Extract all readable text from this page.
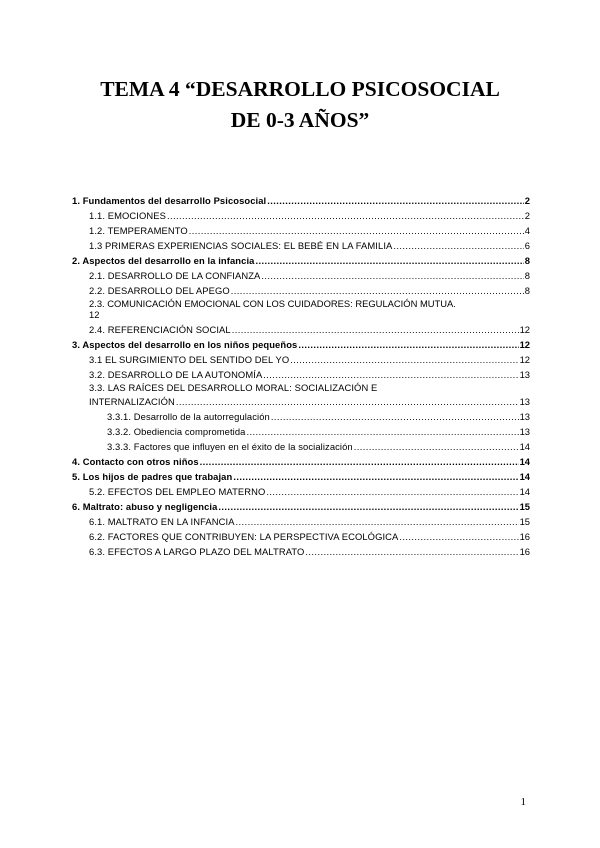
TEMA 4 “DESARROLLO PSICOSOCIAL
DE 0-3 AÑOS”
1. Fundamentos del desarrollo Psicosocial .....	2
1.1. EMOCIONES .....	2
1.2. TEMPERAMENTO .....	4
1.3 PRIMERAS EXPERIENCIAS SOCIALES: EL BEBÉ EN LA FAMILIA .....	6
2. Aspectos del desarrollo en la infancia .....	8
2.1. DESARROLLO DE LA CONFIANZA .....	8
2.2. DESARROLLO DEL APEGO .....	8
2.3. COMUNICACIÓN EMOCIONAL CON LOS CUIDADORES: REGULACIÓN MUTUA.
12
2.4. REFERENCIACIÓN SOCIAL .....	12
3. Aspectos del desarrollo en los niños pequeños .....	12
3.1 EL SURGIMIENTO DEL SENTIDO DEL YO .....	12
3.2. DESARROLLO DE LA AUTONOMÍA .....	13
3.3. LAS RAÍCES DEL DESARROLLO MORAL: SOCIALIZACIÓN E
INTERNALIZACIÓN .....	13
3.3.1. Desarrollo de la autorregulación .....	13
3.3.2. Obediencia comprometida .....	13
3.3.3. Factores que influyen en el éxito de la socialización .....	14
4. Contacto con otros niños .....	14
5. Los hijos de padres que trabajan .....	14
5.2. EFECTOS DEL EMPLEO MATERNO .....	14
6. Maltrato: abuso y negligencia .....	15
6.1. MALTRATO EN LA INFANCIA .....	15
6.2. FACTORES QUE CONTRIBUYEN: LA PERSPECTIVA ECOLÓGICA .....	16
6.3. EFECTOS A LARGO PLAZO DEL MALTRATO .....	16
1
